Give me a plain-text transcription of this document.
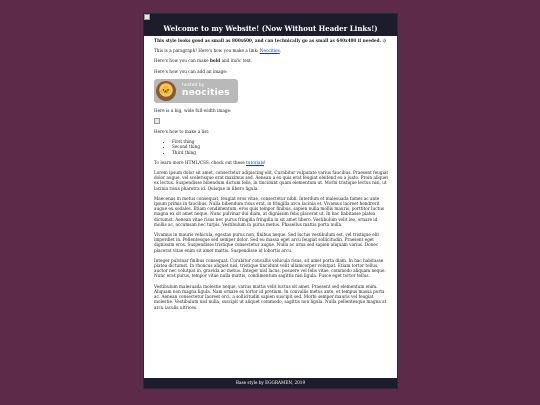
Welcome to my Website! (Now Without Header Links!)

This style looks good as small as 800x600, and can technically go as small as 640x480 if needed. :)

This is a paragraph! Here's how you make a link: Neocities.

Here's how you can make bold and italic text.

Here's how you can add an image:

🐱	hosted by
neocities

Here is a big, wide full-width image:

Here's how to make a list:

• First thing
• Second thing
• Third thing

To learn more HTML/CSS, check out these tutorials!

Lorem ipsum dolor sit amet, consectetur adipiscing elit. Curabitur vulputate varius faucibus. Praesent feugiat dolor augue, vel scelerisque erat maximus sed. Aenean a ex quis erat feugiat eleifend eu a justo. Proin aliquet ex lectus. Suspendisse bibendum dictum felis, in tincidunt quam elementum ut. Morbi tristique lectus nisi, ut lacinia risus pharetra id. Quisque in libero ligula.

Maecenas in metus consequat, feugiat eros vitae, consectetur nibh. Interdum et malesuada fames ac ante ipsum primis in faucibus. Nulla bibendum risus erat, in fringilla arcu lacinia et. Vivamus laoreet hendrerit augue eu sodales. Etiam condimentum, eros quis tempor finibus, sapien nulla mollis mauris, porttitor luctus magna ex sit amet neque. Nunc pulvinar dui diam, at dignissim felis placerat ut. In hac habitasse platea dictumst. Aenean vitae risus nec purus fringilla fringilla in sit amet libero. Vestibulum velit leo, ornare id mollis ac, accumsan nec turpis. Vestibulum in purus metus. Phasellus mattis porta nulla.

Vivamus in mauris vehicula, egestas purus non, finibus neque. Sed luctus vestibulum est, vel tristique elit imperdiet in. Pellentesque sed semper dolor. Sed eu massa eget arcu feugiat sollicitudin. Praesent eget dignissim eros. Suspendisse tristique consectetur augue. Nulla ac urna sed sapien aliquam varius. Donec placerat vitae enim sit amet mattis. Suspendisse id lobortis arcu.

Integer pulvinar finibus consequat. Curabitur convallis vehicula risus, sit amet porta diam. In hac habitasse platea dictumst. In rhoncus aliquet nisl, tristique tincidunt velit ullamcorper volutpat. Etiam tortor tellus, auctor nec volutpat in, gravida ac metus. Integer nisl lacus, posuere vel felis vitae, commodo aliquam neque. Nunc erat purus, tempor vitae nulla mattis, condimentum sagittis nisi ligula. Fusce eget tortor tellus.

Vestibulum malesuada molestie neque, varius mattis velit luctus sit amet. Praesent sed elementum enim. Aliquam non magna ligula. Nam ornare ex tortor id pretium. In convallis metus ante, et tempus massa porta ac. Aenean consectetur laoreet orci, a sollicitudin sapien suscipit sed. Morbi semper mauris vel feugiat molestie. Vestibulum nisl nulla, suscipit ut aliquet commodo, sagittis non ligula. Nulla pellentesque magna at arcu iaculis ultrices.

Base style by EGGRAMEN, 2019
